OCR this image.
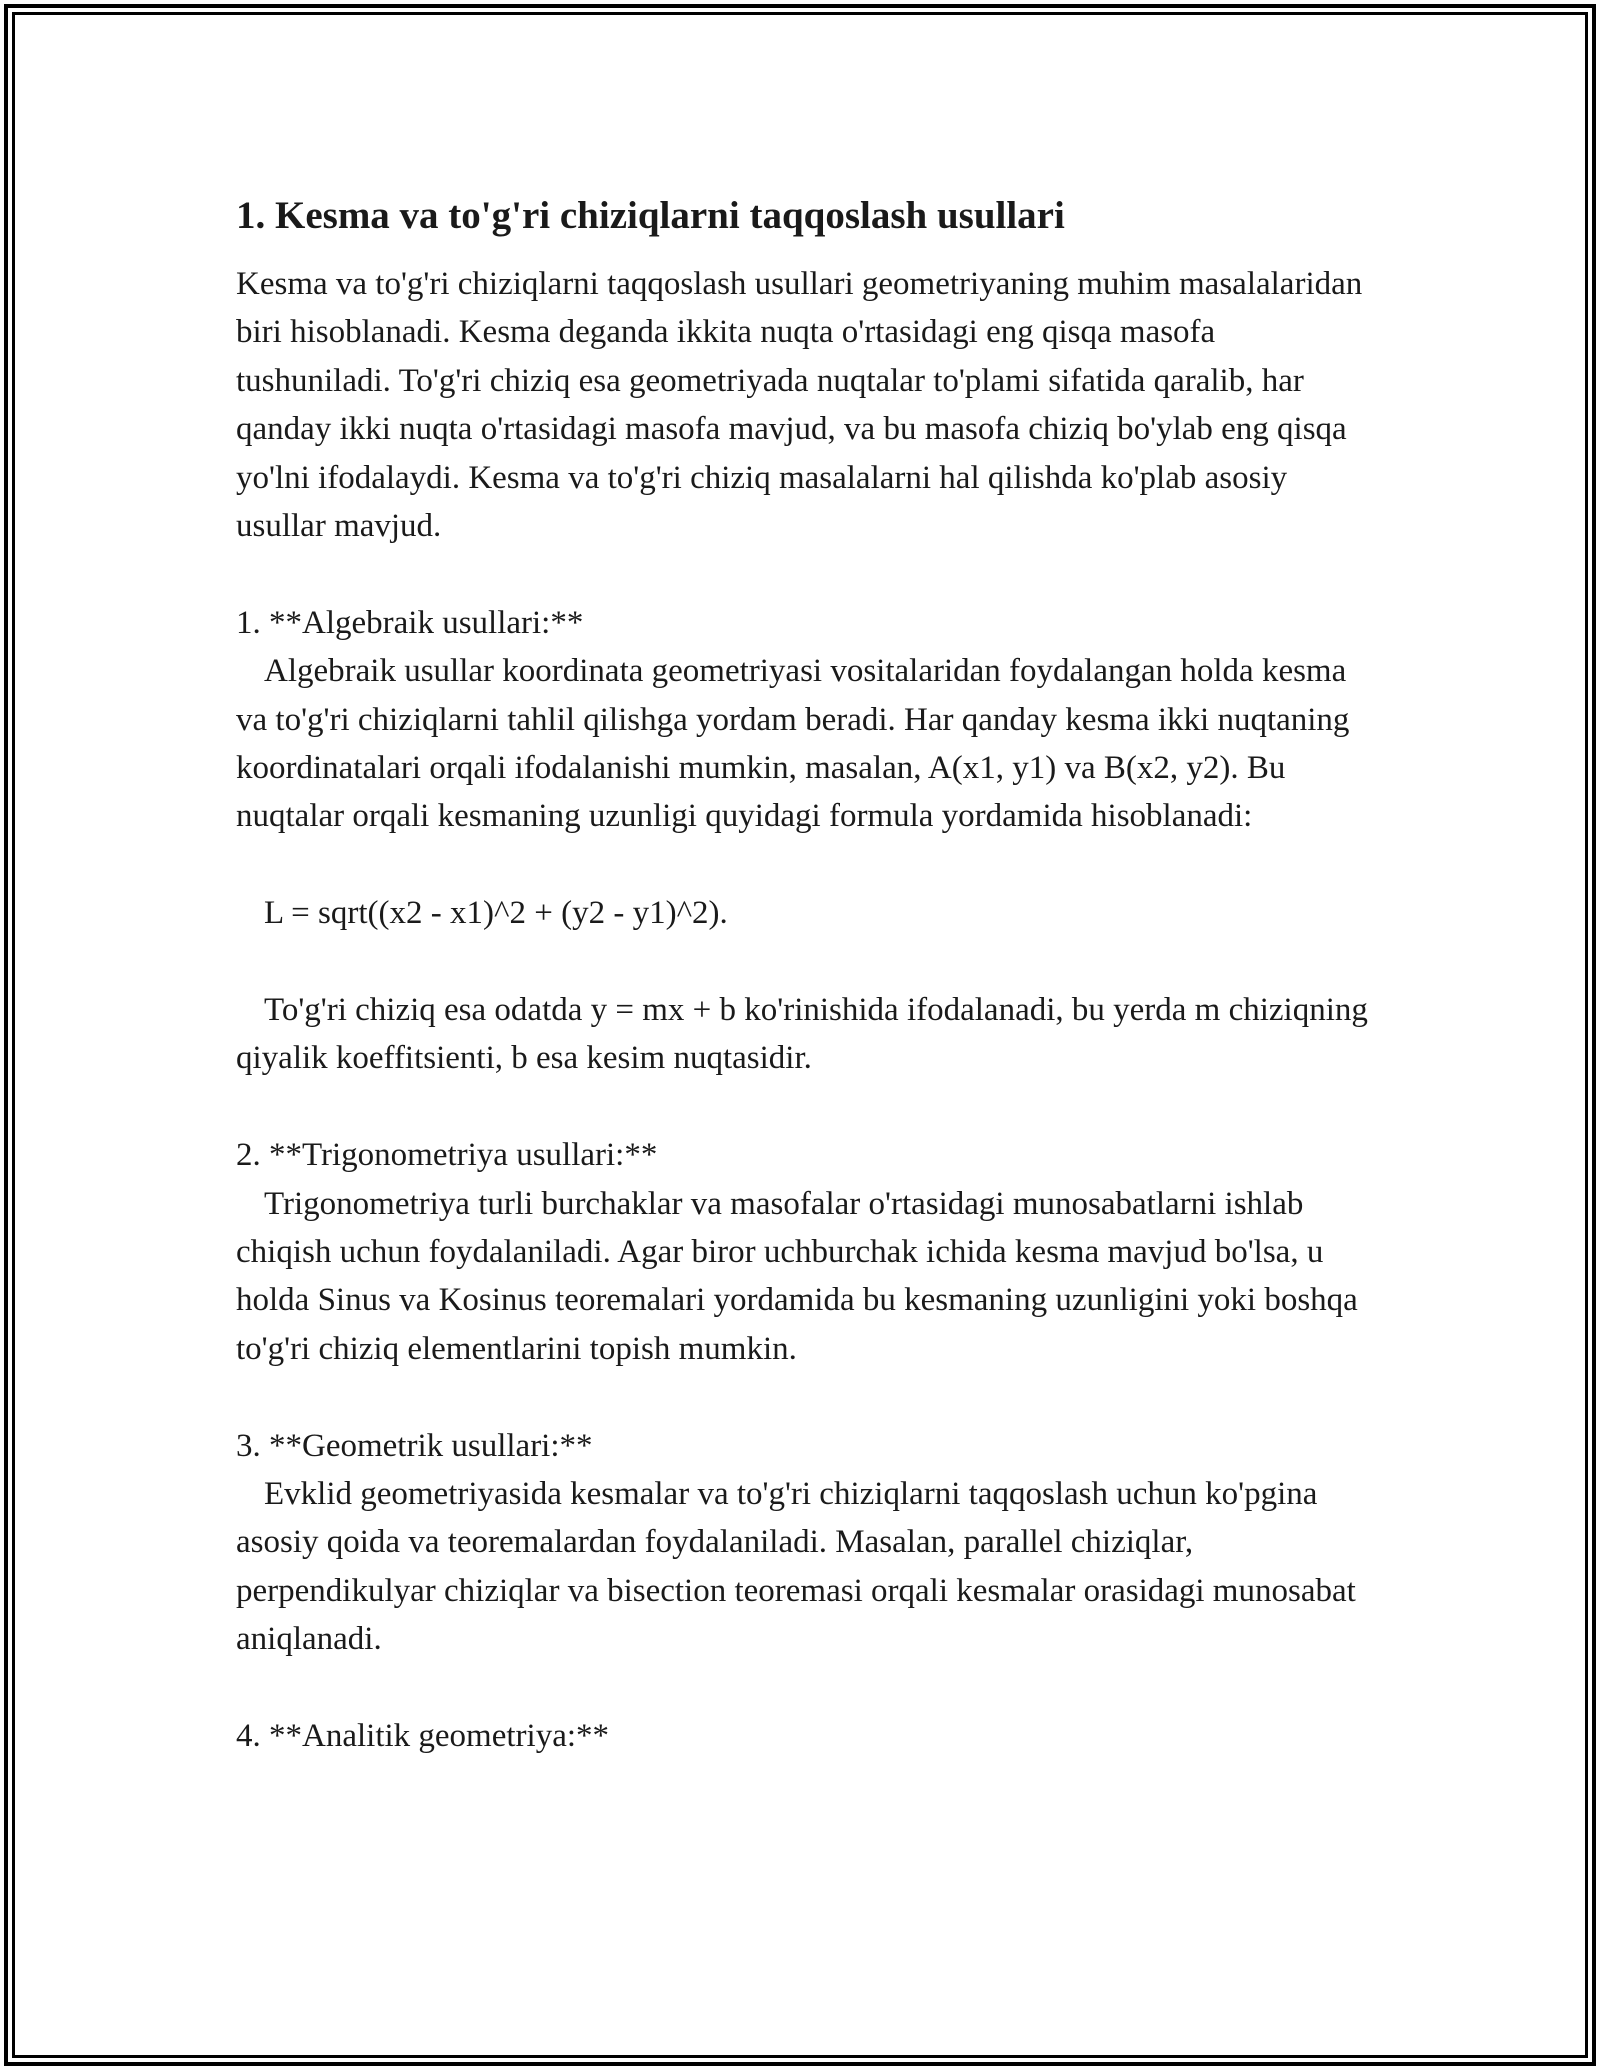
1. Kesma va to'g'ri chiziqlarni taqqoslash usullari

Kesma va to'g'ri chiziqlarni taqqoslash usullari geometriyaning muhim masalalaridan biri hisoblanadi. Kesma deganda ikkita nuqta o'rtasidagi eng qisqa masofa tushuniladi. To'g'ri chiziq esa geometriyada nuqtalar to'plami sifatida qaralib, har qanday ikki nuqta o'rtasidagi masofa mavjud, va bu masofa chiziq bo'ylab eng qisqa yo'lni ifodalaydi. Kesma va to'g'ri chiziq masalalarni hal qilishda ko'plab asosiy usullar mavjud.

1. **Algebraik usullari:**

Algebraik usullar koordinata geometriyasi vositalaridan foydalangan holda kesma va to'g'ri chiziqlarni tahlil qilishga yordam beradi. Har qanday kesma ikki nuqtaning koordinatalari orqali ifodalanishi mumkin, masalan, A(x1, y1) va B(x2, y2). Bu nuqtalar orqali kesmaning uzunligi quyidagi formula yordamida hisoblanadi:

L = sqrt((x2 - x1)^2 + (y2 - y1)^2).

To'g'ri chiziq esa odatda y = mx + b ko'rinishida ifodalanadi, bu yerda m chiziqning qiyalik koeffitsienti, b esa kesim nuqtasidir.

2. **Trigonometriya usullari:**

Trigonometriya turli burchaklar va masofalar o'rtasidagi munosabatlarni ishlab chiqish uchun foydalaniladi. Agar biror uchburchak ichida kesma mavjud bo'lsa, u holda Sinus va Kosinus teoremalari yordamida bu kesmaning uzunligini yoki boshqa to'g'ri chiziq elementlarini topish mumkin.

3. **Geometrik usullari:**

Evklid geometriyasida kesmalar va to'g'ri chiziqlarni taqqoslash uchun ko'pgina asosiy qoida va teoremalardan foydalaniladi. Masalan, parallel chiziqlar, perpendikulyar chiziqlar va bisection teoremasi orqali kesmalar orasidagi munosabat aniqlanadi.

4. **Analitik geometriya:**
